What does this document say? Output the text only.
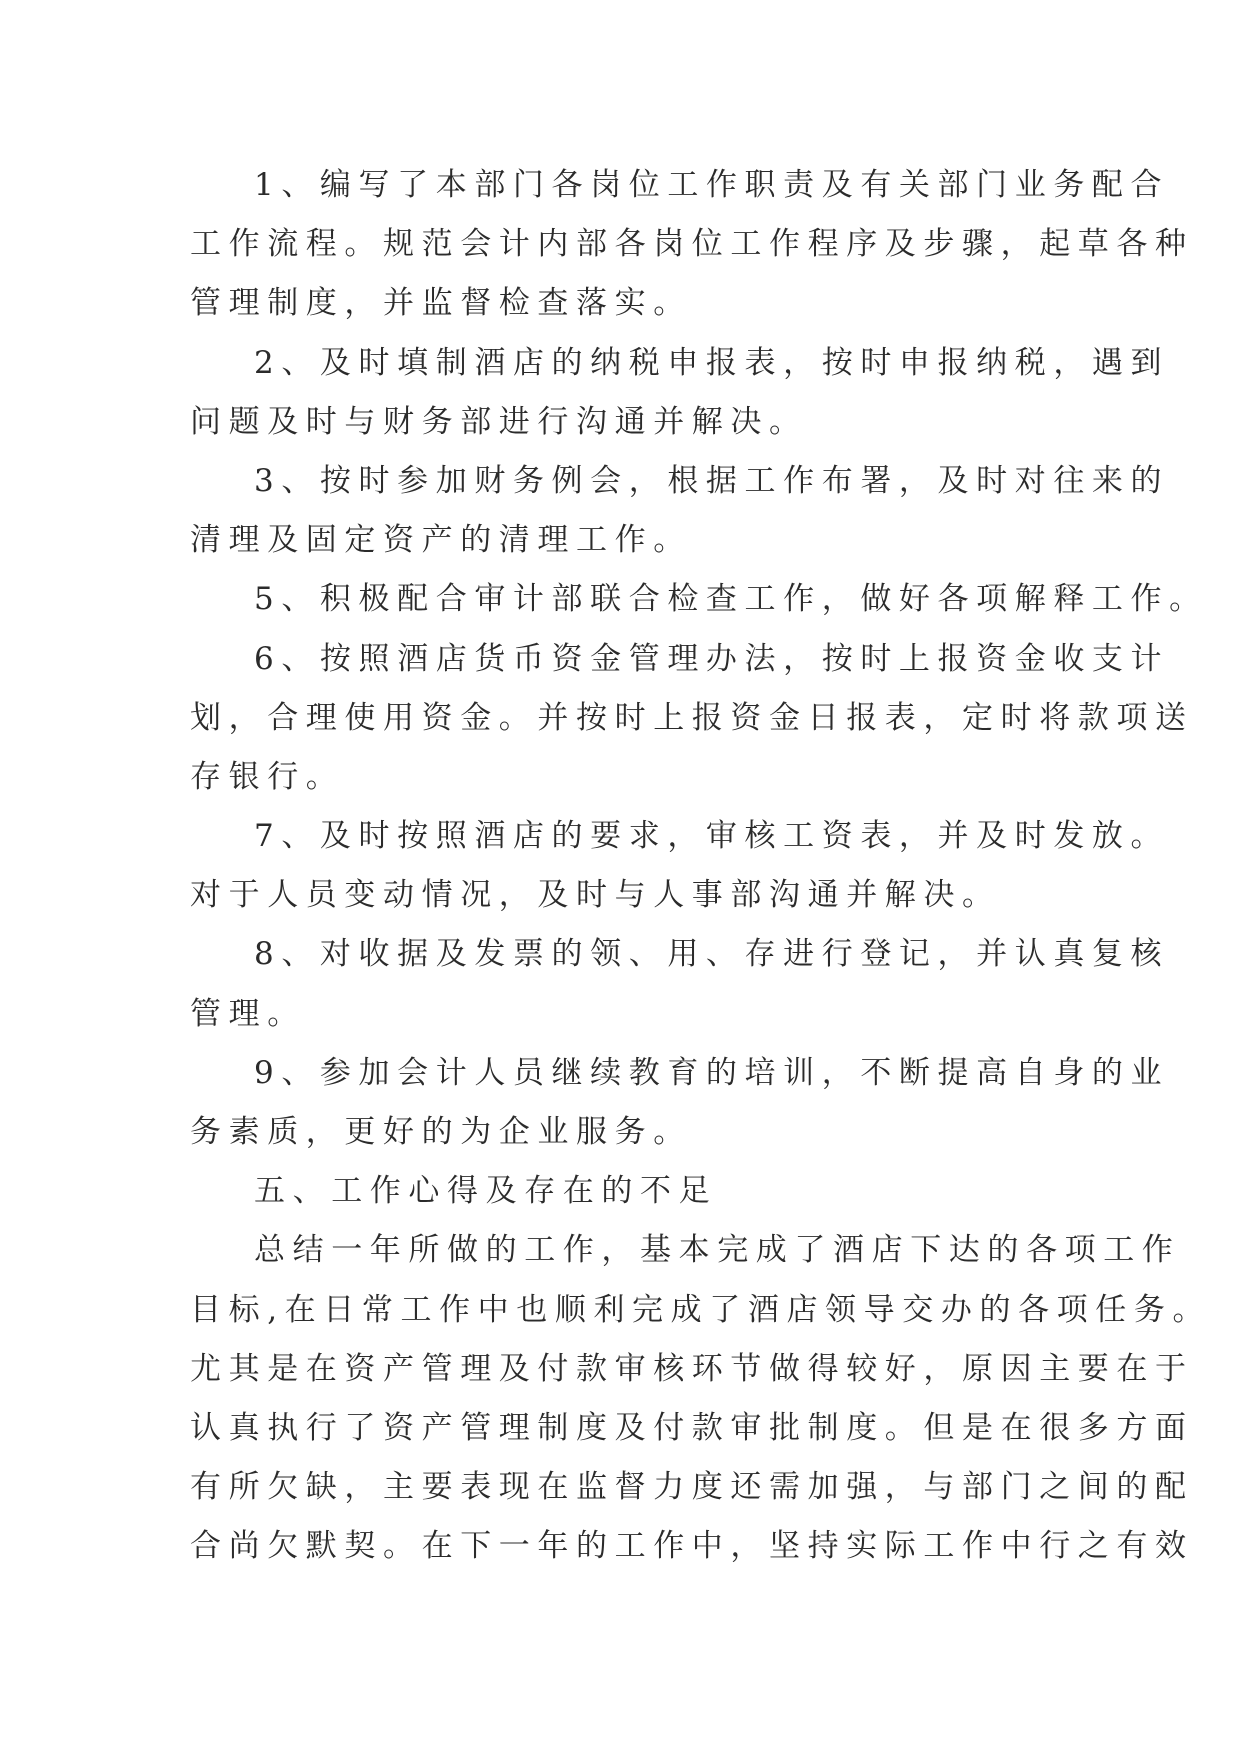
1、编写了本部门各岗位工作职责及有关部门业务配合
工作流程。规范会计内部各岗位工作程序及步骤，起草各种
管理制度，并监督检查落实。
2、及时填制酒店的纳税申报表，按时申报纳税，遇到
问题及时与财务部进行沟通并解决。
3、按时参加财务例会，根据工作布署，及时对往来的
清理及固定资产的清理工作。
5、积极配合审计部联合检查工作，做好各项解释工作。
6、按照酒店货币资金管理办法，按时上报资金收支计
划，合理使用资金。并按时上报资金日报表，定时将款项送
存银行。
7、及时按照酒店的要求，审核工资表，并及时发放。
对于人员变动情况，及时与人事部沟通并解决。
8、对收据及发票的领、用、存进行登记，并认真复核
管理。
9、参加会计人员继续教育的培训，不断提高自身的业
务素质，更好的为企业服务。
五、工作心得及存在的不足
总结一年所做的工作，基本完成了酒店下达的各项工作
目标,在日常工作中也顺利完成了酒店领导交办的各项任务。
尤其是在资产管理及付款审核环节做得较好，原因主要在于
认真执行了资产管理制度及付款审批制度。但是在很多方面
有所欠缺，主要表现在监督力度还需加强，与部门之间的配
合尚欠默契。在下一年的工作中，坚持实际工作中行之有效
